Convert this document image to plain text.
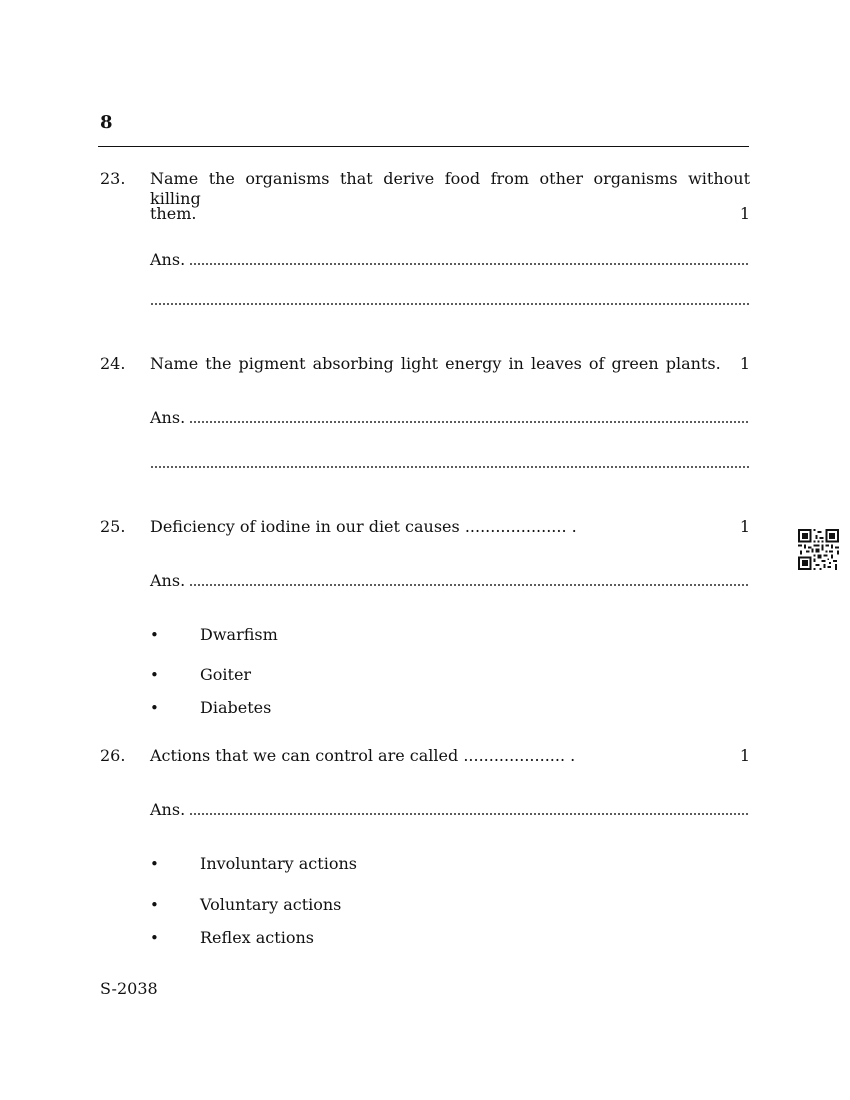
8
23. Name the organisms that derive food from other organisms without killing
them.	1
Ans.
24. Name the pigment absorbing light energy in leaves of green plants. 1
Ans.
25. Deficiency of iodine in our diet causes .................... .	1
Ans.
•	Dwarfism
•	Goiter
•	Diabetes
26. Actions that we can control are called .................... .	1
Ans.
•	Involuntary actions
•	Voluntary actions
•	Reflex actions
S-2038
